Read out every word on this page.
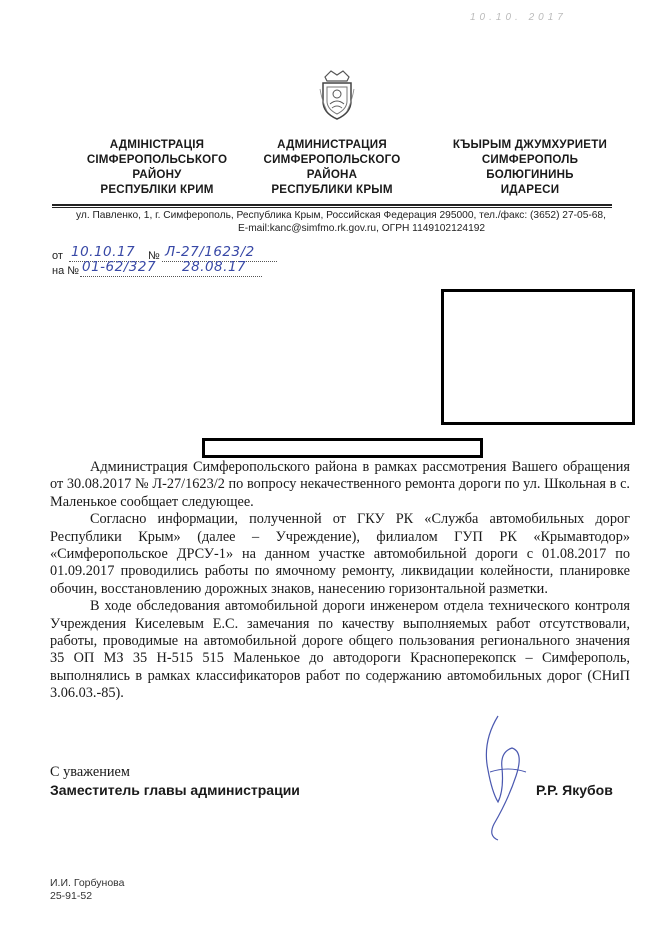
10.10. 2017
АДМІНІСТРАЦІЯ
СІМФЕРОПОЛЬСЬКОГО
РАЙОНУ
РЕСПУБЛІКИ КРИМ
АДМИНИСТРАЦИЯ
СИМФЕРОПОЛЬСКОГО
РАЙОНА
РЕСПУБЛИКИ КРЫМ
КЪЫРЫМ ДЖУМХУРИЕТИ
СИМФЕРОПОЛЬ
БОЛЮГИНИНЬ
ИДАРЕСИ
ул. Павленко, 1, г. Симферополь, Республика Крым, Российская Федерация 295000, тел./факс: (3652) 27-05-68,
E-mail:kanc@simfmo.rk.gov.ru, ОГРН 1149102124192
от 10.10.17 № Л-27/1623/2
на № 01-62/327 28.08.17

Администрация Симферопольского района в рамках рассмотрения Вашего обращения от 30.08.2017 № Л-27/1623/2 по вопросу некачественного ремонта дороги по ул. Школьная в с. Маленькое сообщает следующее.

Согласно информации, полученной от ГКУ РК «Служба автомобильных дорог Республики Крым» (далее – Учреждение), филиалом ГУП РК «Крымавтодор» «Симферопольское ДРСУ-1» на данном участке автомобильной дороги с 01.08.2017 по 01.09.2017 проводились работы по ямочному ремонту, ликвидации колейности, планировке обочин, восстановлению дорожных знаков, нанесению горизонтальной разметки.

В ходе обследования автомобильной дороги инженером отдела технического контроля Учреждения Киселевым Е.С. замечания по качеству выполняемых работ отсутствовали, работы, проводимые на автомобильной дороге общего пользования регионального значения 35 ОП МЗ 35 Н-515 515 Маленькое до автодороги Красноперекопск – Симферополь, выполнялись в рамках классификаторов работ по содержанию автомобильных дорог (СНиП 3.06.03.-85).

С уважением
Заместитель главы администрации	Р.Р. Якубов
И.И. Горбунова
25-91-52
